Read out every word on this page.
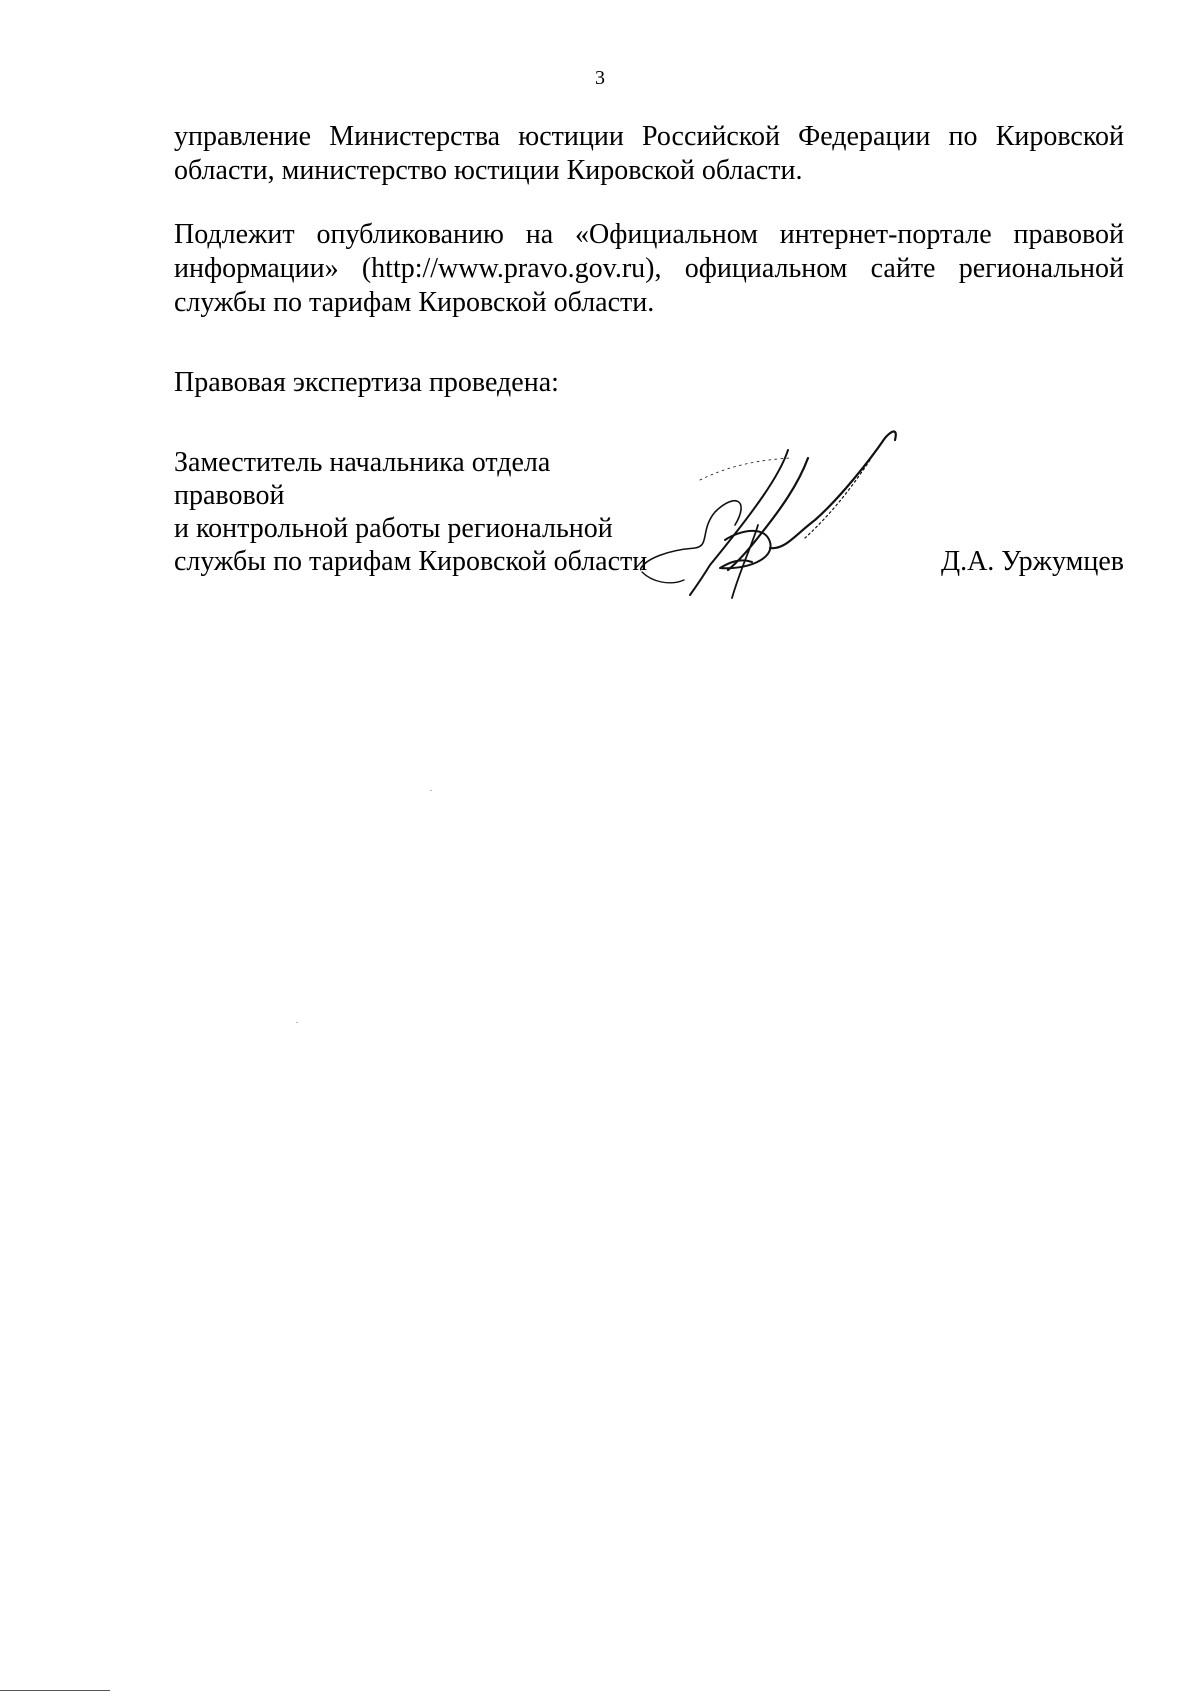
3

управление Министерства юстиции Российской Федерации по Кировской области, министерство юстиции Кировской области.

Подлежит опубликованию на «Официальном интернет-портале правовой информации» (http://www.pravo.gov.ru), официальном сайте региональной службы по тарифам Кировской области.

Правовая экспертиза проведена:

Заместитель начальника отдела
правовой
и контрольной работы региональной
службы по тарифам Кировской области	Д.А. Уржумцев
